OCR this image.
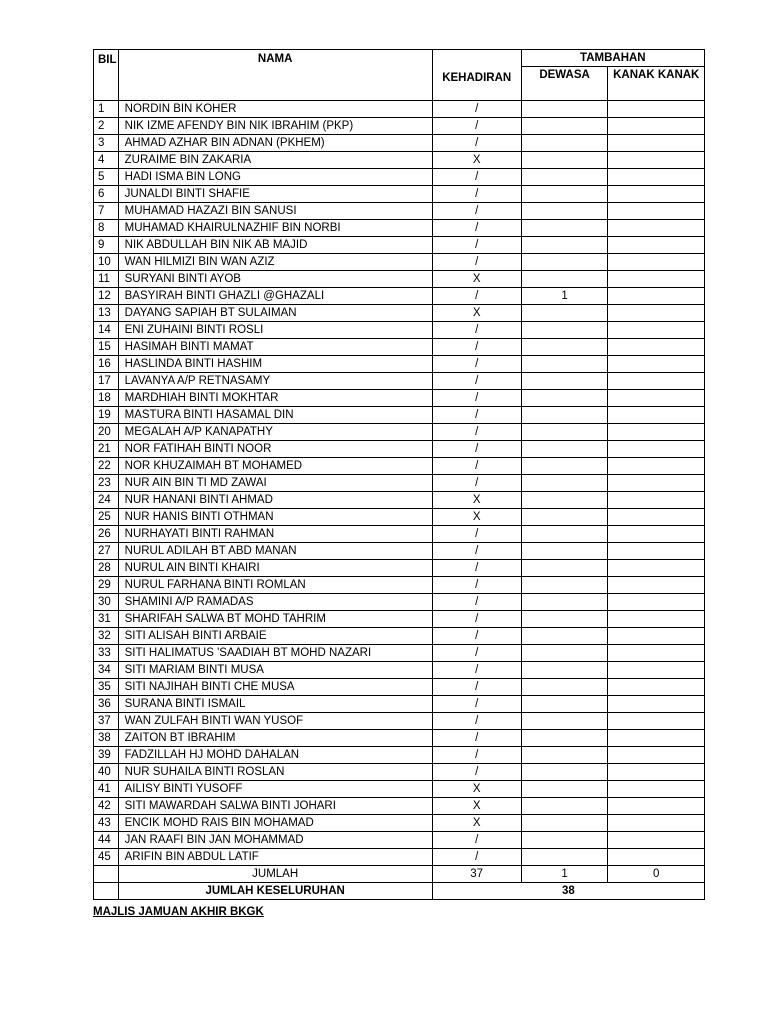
BIL	NAMA	KEHADIRAN	TAMBAHAN	
			DEWASA	KANAK KANAK
1	NORDIN BIN KOHER	/		
2	NIK IZME AFENDY BIN NIK IBRAHIM (PKP)	/		
3	AHMAD AZHAR BIN ADNAN (PKHEM)	/		
4	ZURAIME BIN ZAKARIA	X		
5	HADI ISMA BIN LONG	/		
6	JUNALDI BINTI SHAFIE	/		
7	MUHAMAD HAZAZI BIN SANUSI	/		
8	MUHAMAD KHAIRULNAZHIF BIN NORBI	/		
9	NIK ABDULLAH BIN NIK AB MAJID	/		
10	WAN HILMIZI BIN WAN AZIZ	/		
11	SURYANI BINTI AYOB	X		
12	BASYIRAH BINTI GHAZLI @GHAZALI	/	1	
13	DAYANG SAPIAH BT SULAIMAN	X		
14	ENI ZUHAINI BINTI ROSLI	/		
15	HASIMAH BINTI MAMAT	/		
16	HASLINDA BINTI HASHIM	/		
17	LAVANYA A/P RETNASAMY	/		
18	MARDHIAH BINTI MOKHTAR	/		
19	MASTURA BINTI HASAMAL DIN	/		
20	MEGALAH A/P KANAPATHY	/		
21	NOR FATIHAH BINTI NOOR	/		
22	NOR KHUZAIMAH BT MOHAMED	/		
23	NUR AIN BIN TI MD ZAWAI	/		
24	NUR HANANI BINTI AHMAD	X		
25	NUR HANIS BINTI OTHMAN	X		
26	NURHAYATI BINTI RAHMAN	/		
27	NURUL ADILAH BT ABD MANAN	/		
28	NURUL AIN BINTI KHAIRI	/		
29	NURUL FARHANA BINTI ROMLAN	/		
30	SHAMINI A/P RAMADAS	/		
31	SHARIFAH SALWA BT MOHD TAHRIM	/		
32	SITI ALISAH BINTI ARBAIE	/		
33	SITI HALIMATUS 'SAADIAH BT MOHD NAZARI	/		
34	SITI MARIAM BINTI MUSA	/		
35	SITI NAJIHAH BINTI CHE MUSA	/		
36	SURANA BINTI ISMAIL	/		
37	WAN ZULFAH BINTI WAN YUSOF	/		
38	ZAITON BT IBRAHIM	/		
39	FADZILLAH HJ MOHD DAHALAN	/		
40	NUR SUHAILA BINTI ROSLAN	/		
41	AILISY BINTI YUSOFF	X		
42	SITI MAWARDAH SALWA BINTI JOHARI	X		
43	ENCIK MOHD RAIS BIN MOHAMAD	X		
44	JAN RAAFI BIN JAN MOHAMMAD	/		
45	ARIFIN BIN ABDUL LATIF	/		
	JUMLAH	37	1	0
	JUMLAH KESELURUHAN	38		
MAJLIS JAMUAN AKHIR BKGK
